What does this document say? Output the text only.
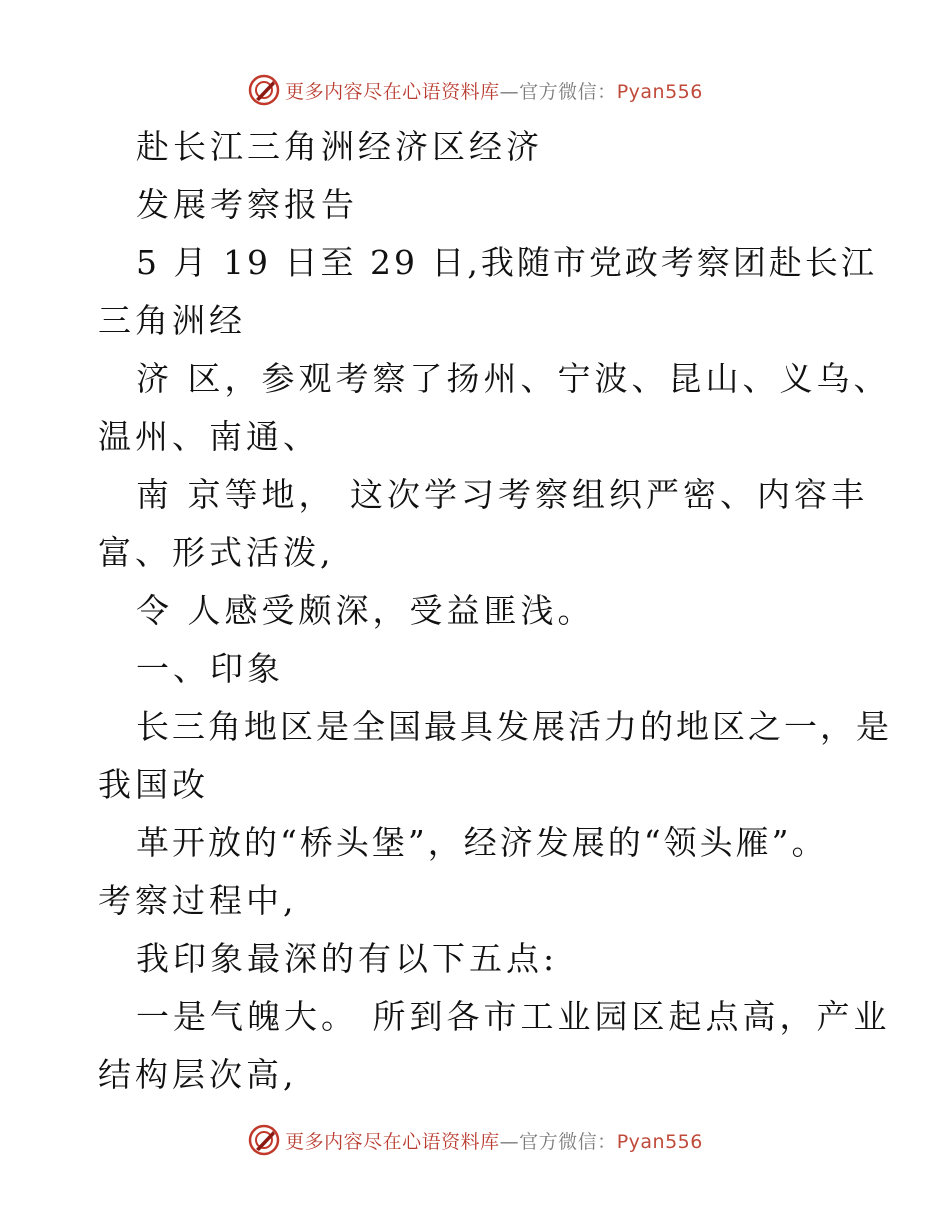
更多内容尽在心语资料库—官方微信：Pyan556
赴长江三角洲经济区经济
发展考察报告
5 月 19 日至 29 日,我随市党政考察团赴长江
三角洲经
济 区，参观考察了扬州、宁波、昆山、义乌、
温州、南通、
南 京等地， 这次学习考察组织严密、内容丰
富、形式活泼,
令 人感受颇深，受益匪浅。
一、印象
长三角地区是全国最具发展活力的地区之一，是
我国改
革开放的“桥头堡”，经济发展的“领头雁”。
考察过程中,
我印象最深的有以下五点:
一是气魄大。 所到各市工业园区起点高，产业
结构层次高,
更多内容尽在心语资料库—官方微信：Pyan556
